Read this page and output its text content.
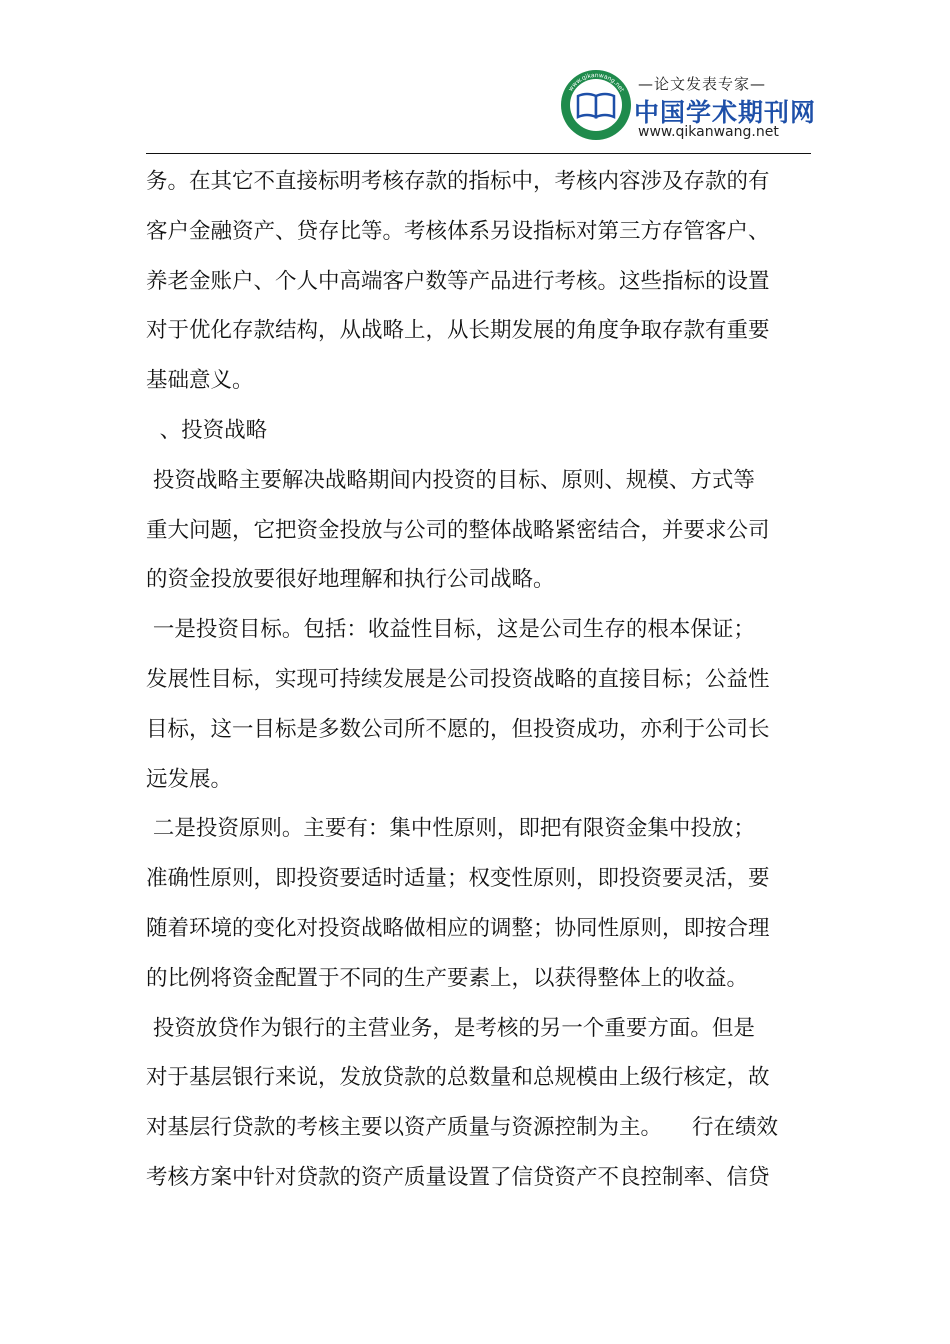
www.qikanwang.net —论文发表专家—
中国学术期刊网
www.qikanwang.net
务。在其它不直接标明考核存款的指标中，考核内容涉及存款的有
客户金融资产、贷存比等。考核体系另设指标对第三方存管客户、
养老金账户、个人中高端客户数等产品进行考核。这些指标的设置
对于优化存款结构，从战略上，从长期发展的角度争取存款有重要
基础意义。
、投资战略
投资战略主要解决战略期间内投资的目标、原则、规模、方式等
重大问题，它把资金投放与公司的整体战略紧密结合，并要求公司
的资金投放要很好地理解和执行公司战略。
一是投资目标。包括：收益性目标，这是公司生存的根本保证；
发展性目标，实现可持续发展是公司投资战略的直接目标；公益性
目标，这一目标是多数公司所不愿的，但投资成功，亦利于公司长
远发展。
二是投资原则。主要有：集中性原则，即把有限资金集中投放；
准确性原则，即投资要适时适量；权变性原则，即投资要灵活，要
随着环境的变化对投资战略做相应的调整；协同性原则，即按合理
的比例将资金配置于不同的生产要素上，以获得整体上的收益。
投资放贷作为银行的主营业务，是考核的另一个重要方面。但是
对于基层银行来说，发放贷款的总数量和总规模由上级行核定，故
对基层行贷款的考核主要以资产质量与资源控制为主。 行在绩效
考核方案中针对贷款的资产质量设置了信贷资产不良控制率、信贷
